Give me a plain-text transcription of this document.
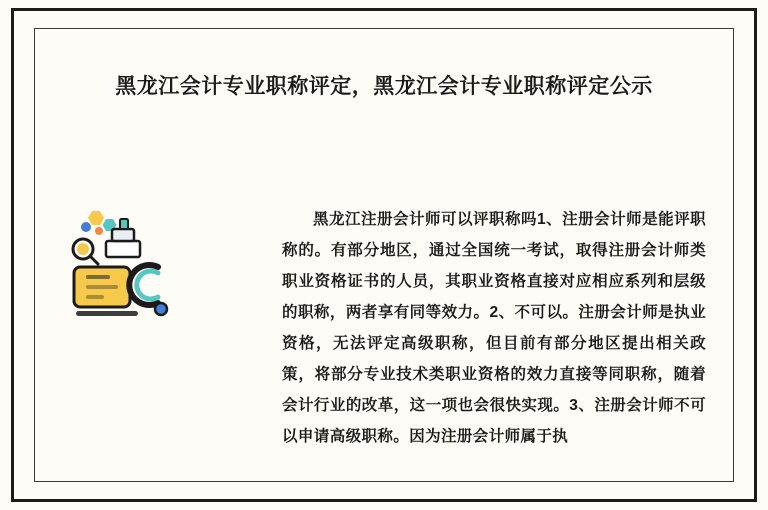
黑龙江会计专业职称评定，黑龙江会计专业职称评定公示
黑龙江注册会计师可以评职称吗1、注册会计师是能评职称的。有部分地区，通过全国统一考试，取得注册会计师类职业资格证书的人员，其职业资格直接对应相应系列和层级的职称，两者享有同等效力。2、不可以。注册会计师是执业资格，无法评定高级职称，但目前有部分地区提出相关政策，将部分专业技术类职业资格的效力直接等同职称，随着会计行业的改革，这一项也会很快实现。3、注册会计师不可以申请高级职称。因为注册会计师属于执
